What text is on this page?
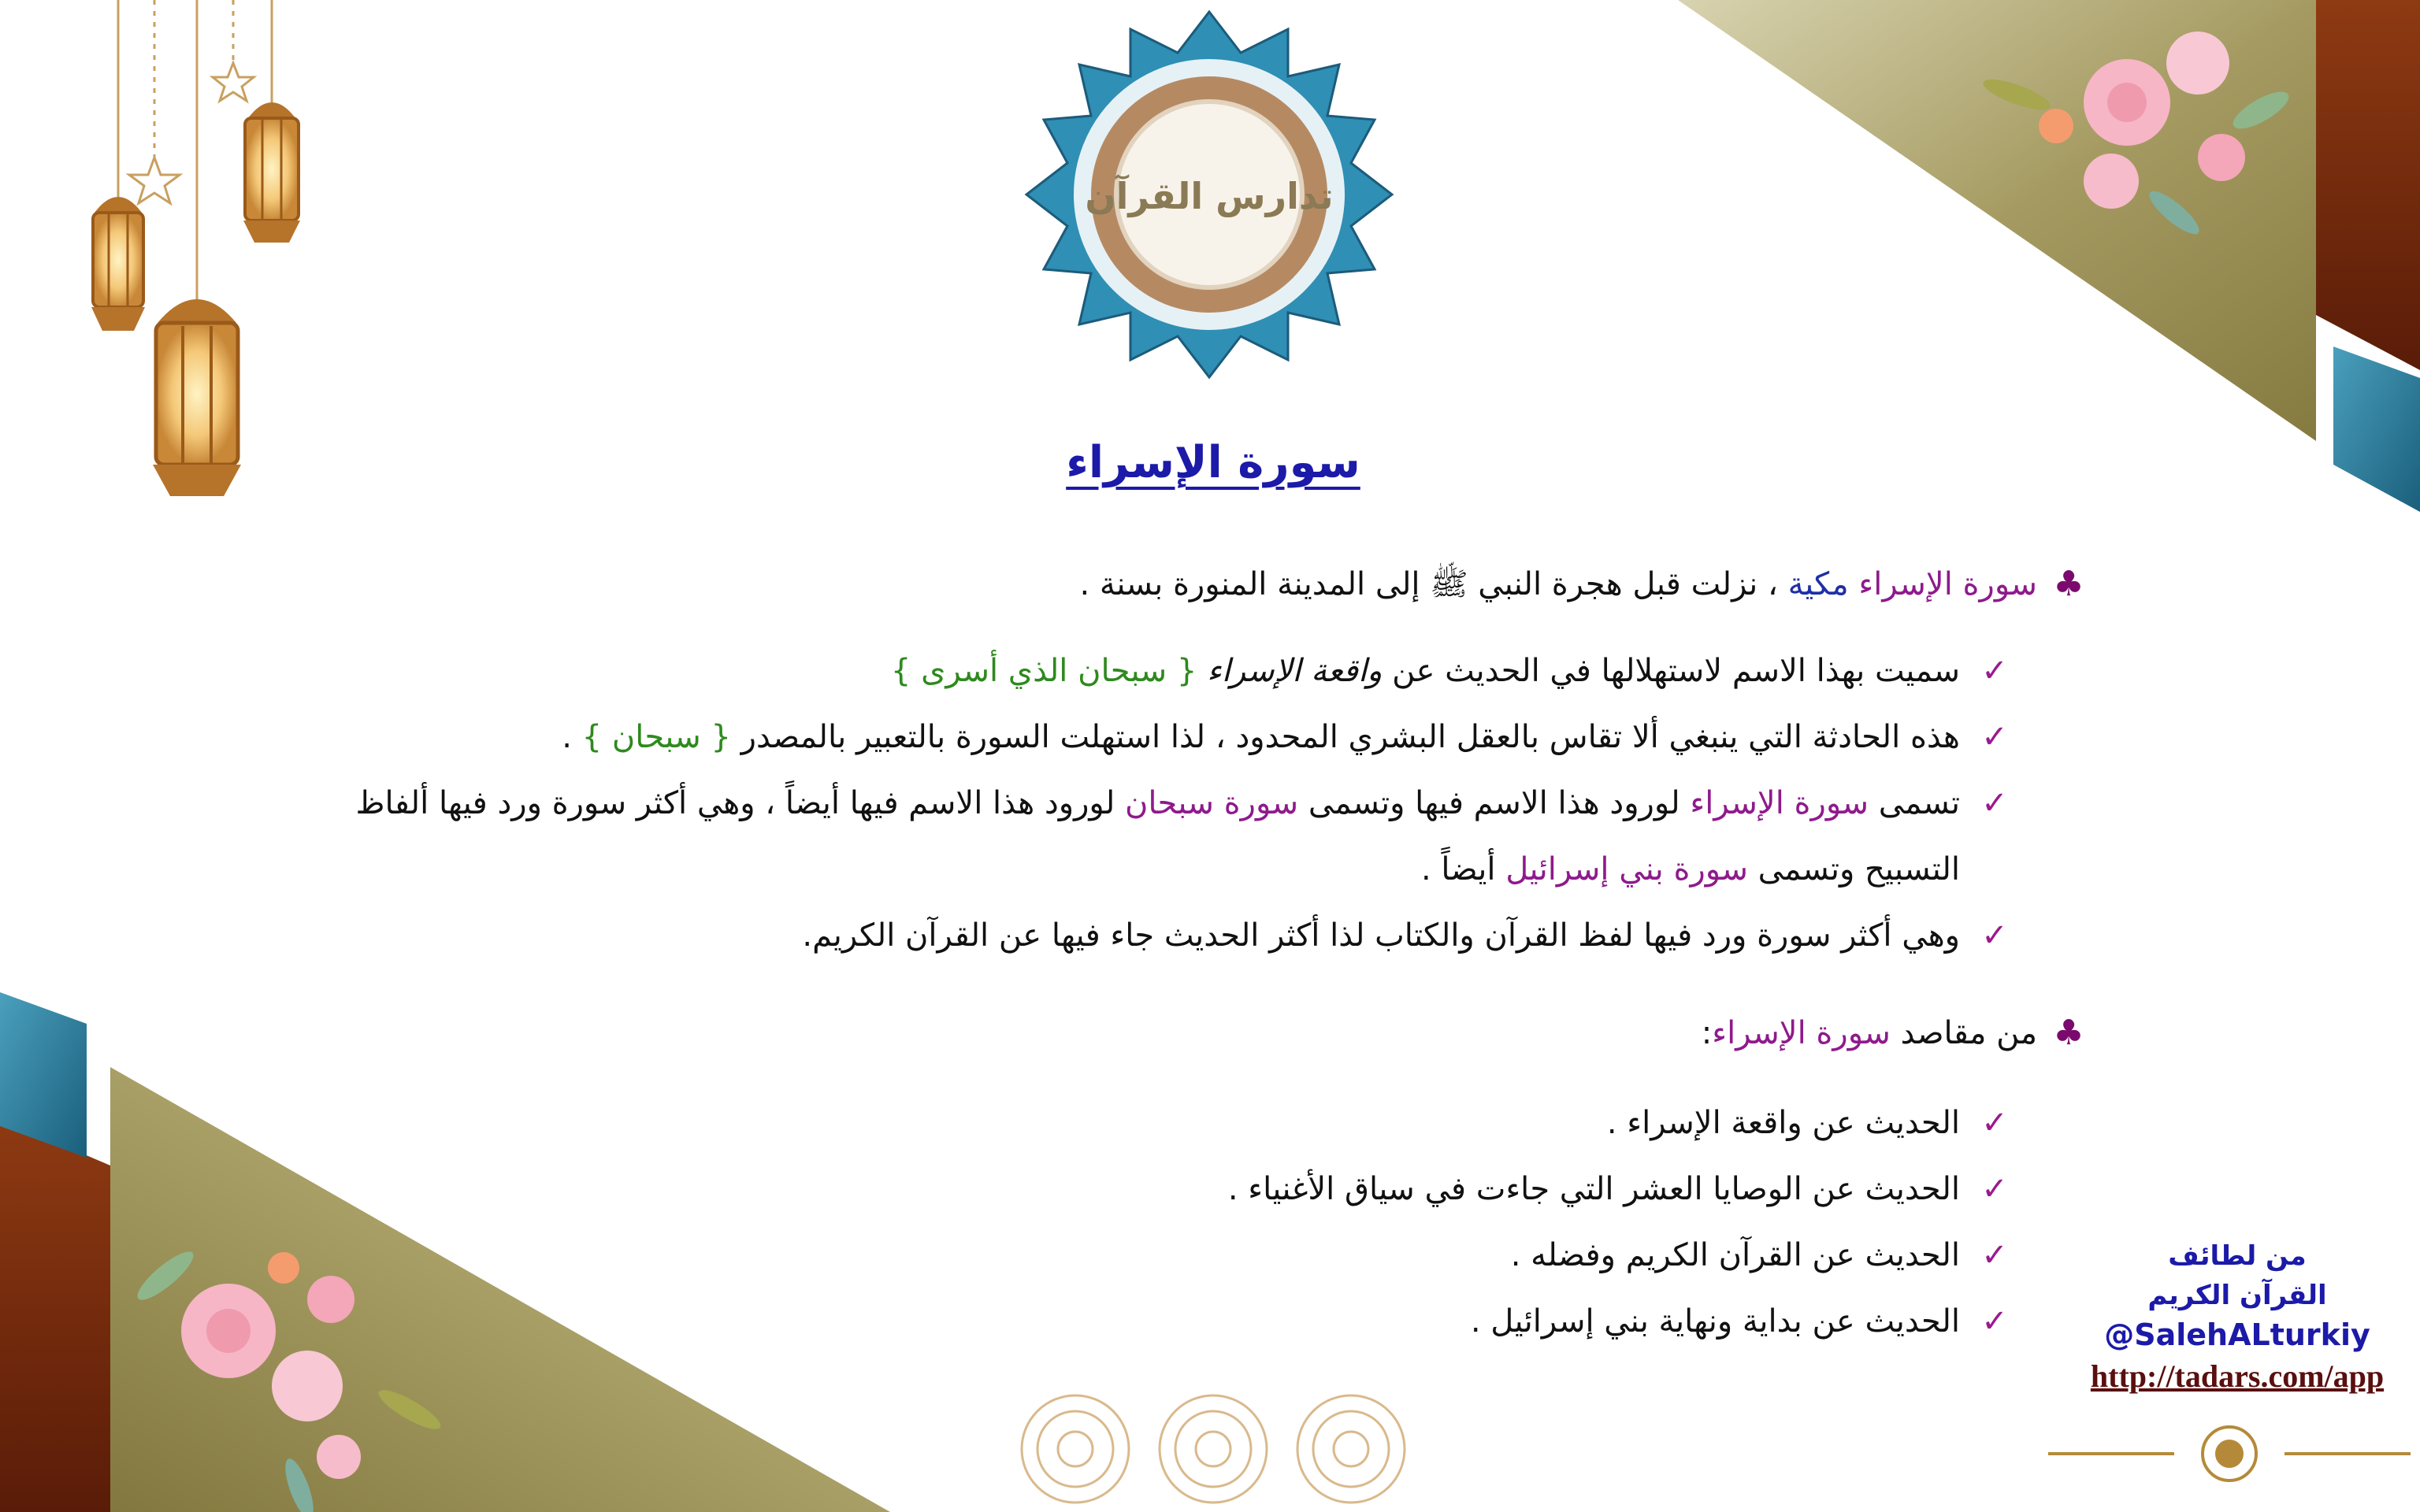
تدارس القرآن
سورة الإسراء
♣
سورة الإسراء مكية ، نزلت قبل هجرة النبي ﷺ إلى المدينة المنورة بسنة .
✓
سميت بهذا الاسم لاستهلالها في الحديث عن واقعة الإسراء { سبحان الذي أسرى }
✓
هذه الحادثة التي ينبغي ألا تقاس بالعقل البشري المحدود ، لذا استهلت السورة بالتعبير بالمصدر { سبحان } .
✓
تسمى سورة الإسراء لورود هذا الاسم فيها وتسمى سورة سبحان لورود هذا الاسم فيها أيضاً ، وهي أكثر سورة ورد فيها ألفاظ التسبيح وتسمى سورة بني إسرائيل أيضاً .
✓
وهي أكثر سورة ورد فيها لفظ القرآن والكتاب لذا أكثر الحديث جاء فيها عن القرآن الكريم.
♣
من مقاصد سورة الإسراء:
✓
الحديث عن واقعة الإسراء .
✓
الحديث عن الوصايا العشر التي جاءت في سياق الأغنياء .
✓
الحديث عن القرآن الكريم وفضله .
✓
الحديث عن بداية ونهاية بني إسرائيل .
من لطائف
القرآن الكريم
@SalehALturkiy
http://tadars.com/app
